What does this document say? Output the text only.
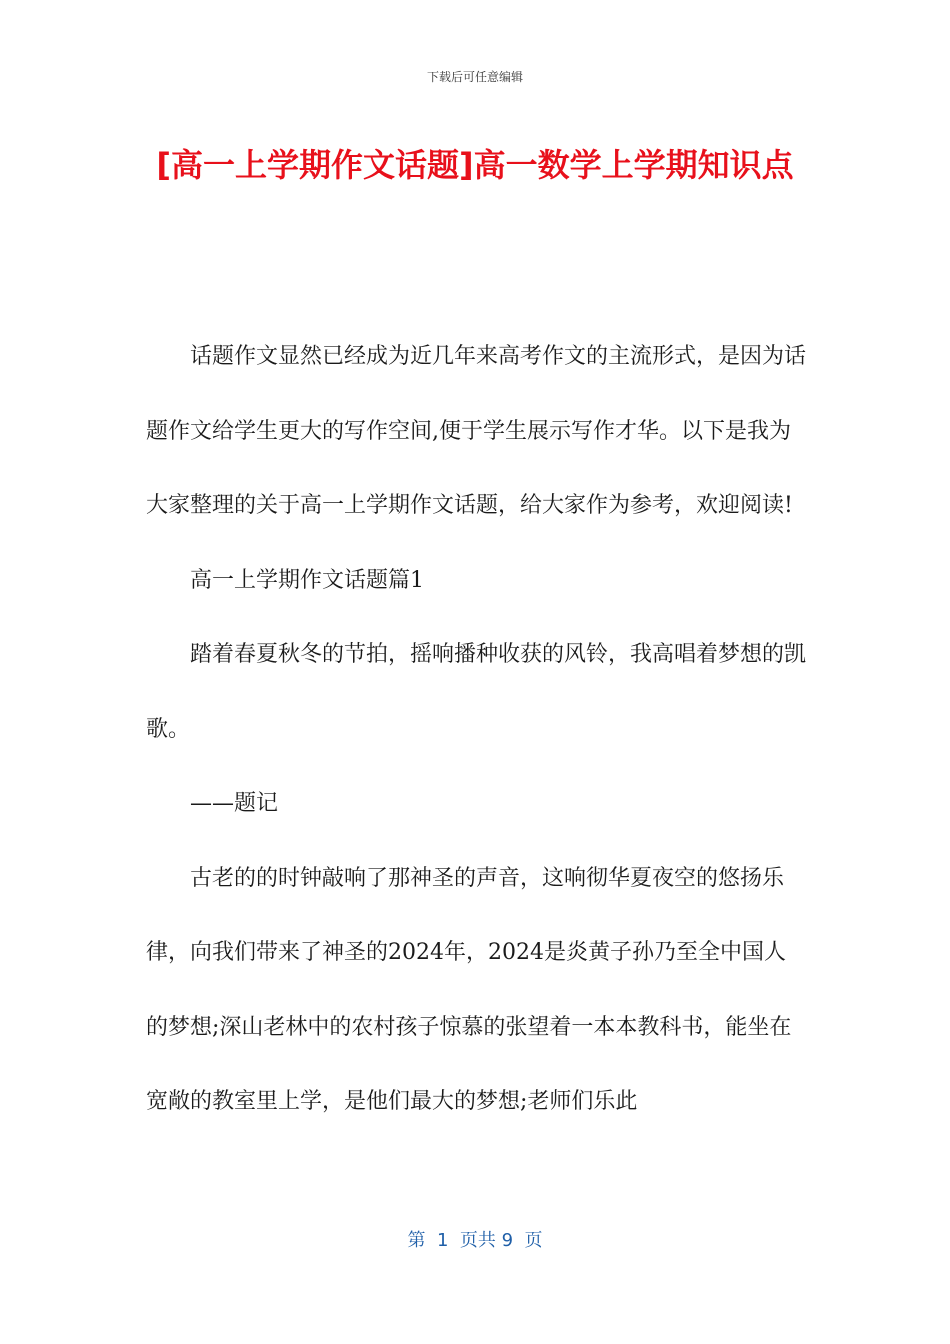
下载后可任意编辑
[高一上学期作文话题]高一数学上学期知识点

话题作文显然已经成为近几年来高考作文的主流形式，是因为话题作文给学生更大的写作空间,便于学生展示写作才华。以下是我为大家整理的关于高一上学期作文话题，给大家作为参考，欢迎阅读!

高一上学期作文话题篇1

踏着春夏秋冬的节拍，摇响播种收获的风铃，我高唱着梦想的凯歌。

——题记

古老的的时钟敲响了那神圣的声音，这响彻华夏夜空的悠扬乐律，向我们带来了神圣的2024年，2024是炎黄子孙乃至全中国人的梦想;深山老林中的农村孩子惊慕的张望着一本本教科书，能坐在宽敞的教室里上学，是他们最大的梦想;老师们乐此

第  1  页共 9  页
